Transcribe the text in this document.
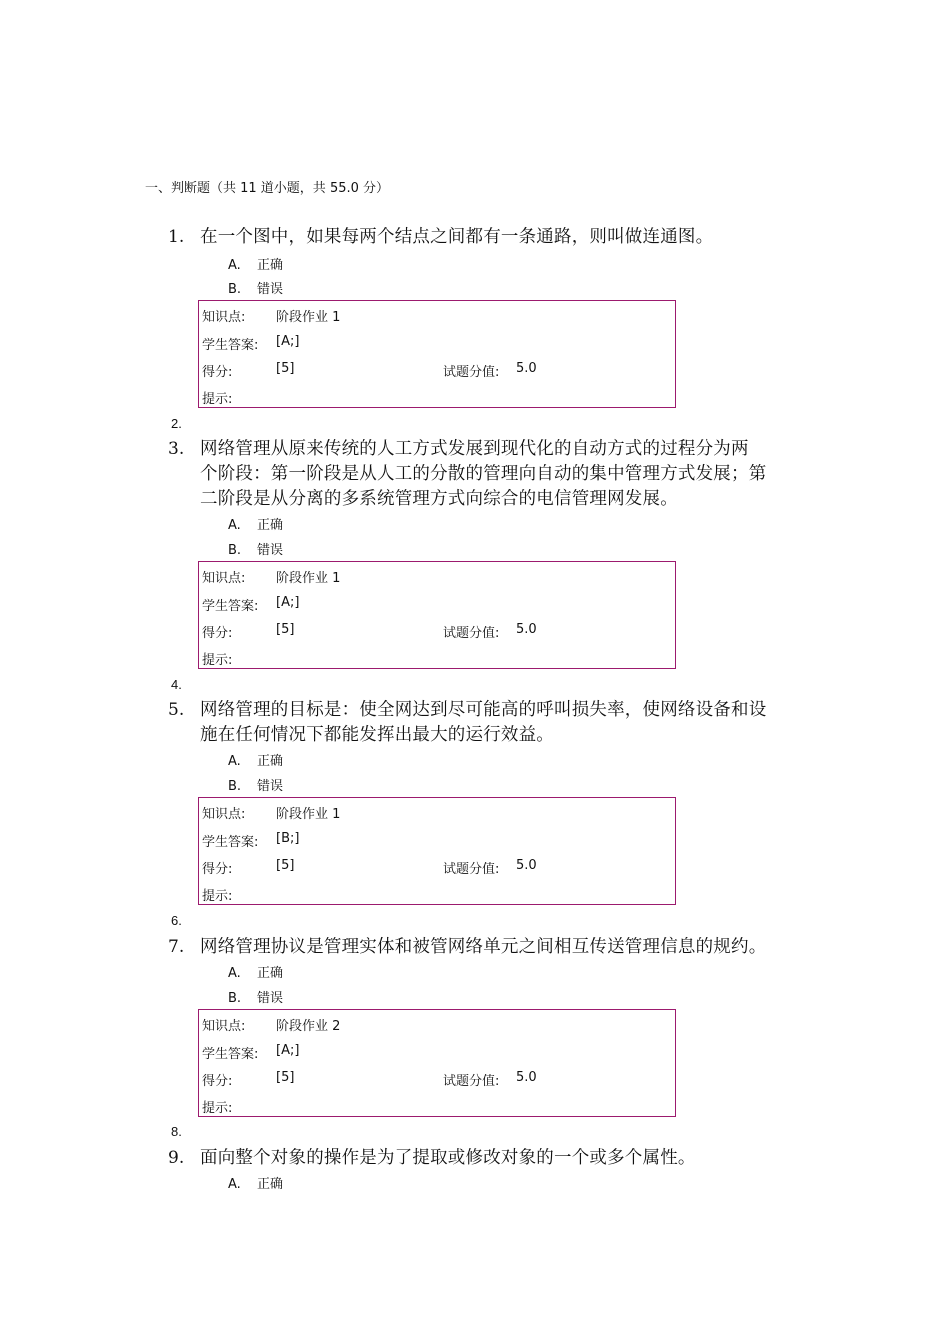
一、判断题（共 11 道小题，共 55.0 分）
1. 在一个图中，如果每两个结点之间都有一条通路，则叫做连通图。
A. 正确
B. 错误
知识点: 阶段作业 1
学生答案: [A;]
得分:	[5]	试题分值: 5.0
提示:
2.
3. 网络管理从原来传统的人工方式发展到现代化的自动方式的过程分为两
个阶段：第一阶段是从人工的分散的管理向自动的集中管理方式发展；第
二阶段是从分离的多系统管理方式向综合的电信管理网发展。
A. 正确
B. 错误
知识点: 阶段作业 1
学生答案: [A;]
得分:	[5]	试题分值: 5.0
提示:
4.
5. 网络管理的目标是：使全网达到尽可能高的呼叫损失率，使网络设备和设
施在任何情况下都能发挥出最大的运行效益。
A. 正确
B. 错误
知识点: 阶段作业 1
学生答案: [B;]
得分:	[5]	试题分值: 5.0
提示:
6.
7. 网络管理协议是管理实体和被管网络单元之间相互传送管理信息的规约。
A. 正确
B. 错误
知识点: 阶段作业 2
学生答案: [A;]
得分:	[5]	试题分值: 5.0
提示:
8.
9. 面向整个对象的操作是为了提取或修改对象的一个或多个属性。
A. 正确
